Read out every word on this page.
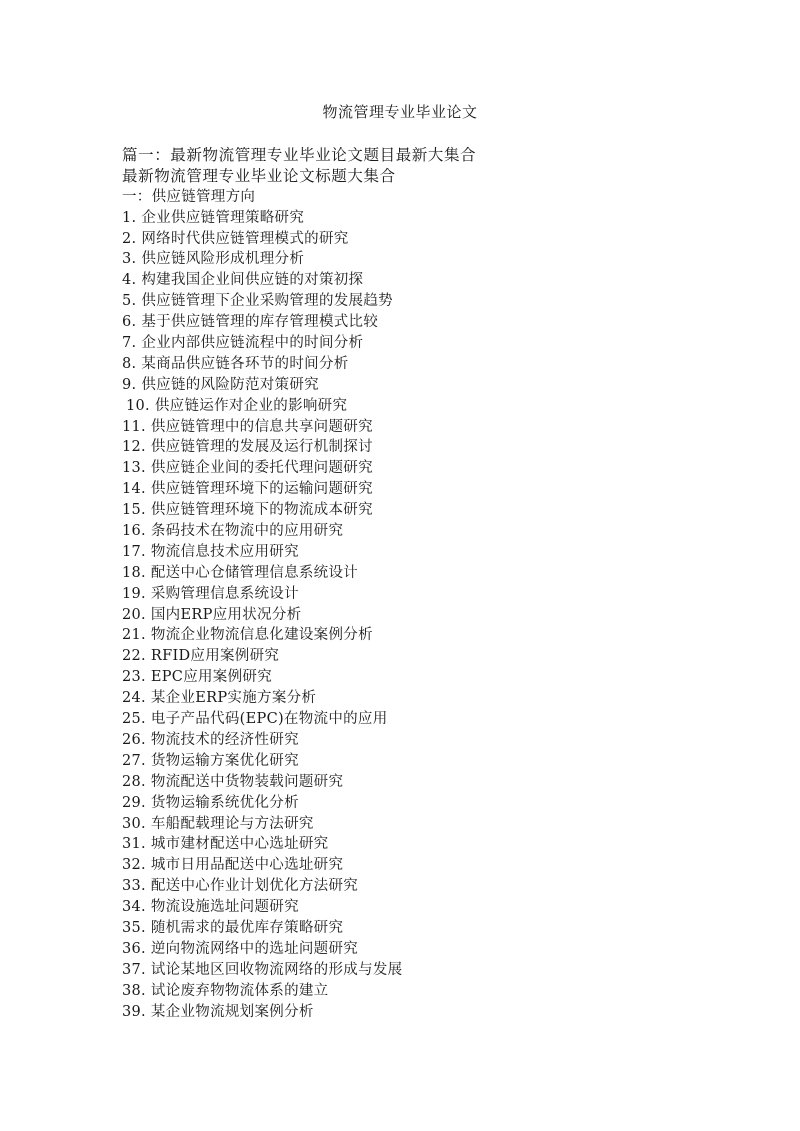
物流管理专业毕业论文
篇一：最新物流管理专业毕业论文题目最新大集合
最新物流管理专业毕业论文标题大集合
一：供应链管理方向
1. 企业供应链管理策略研究
2. 网络时代供应链管理模式的研究
3. 供应链风险形成机理分析
4. 构建我国企业间供应链的对策初探
5. 供应链管理下企业采购管理的发展趋势
6. 基于供应链管理的库存管理模式比较
7. 企业内部供应链流程中的时间分析
8. 某商品供应链各环节的时间分析
9. 供应链的风险防范对策研究
10. 供应链运作对企业的影响研究
11. 供应链管理中的信息共享问题研究
12. 供应链管理的发展及运行机制探讨
13. 供应链企业间的委托代理问题研究
14. 供应链管理环境下的运输问题研究
15. 供应链管理环境下的物流成本研究
16. 条码技术在物流中的应用研究
17. 物流信息技术应用研究
18. 配送中心仓储管理信息系统设计
19. 采购管理信息系统设计
20. 国内ERP应用状况分析
21. 物流企业物流信息化建设案例分析
22. RFID应用案例研究
23. EPC应用案例研究
24. 某企业ERP实施方案分析
25. 电子产品代码(EPC)在物流中的应用
26. 物流技术的经济性研究
27. 货物运输方案优化研究
28. 物流配送中货物装载问题研究
29. 货物运输系统优化分析
30. 车船配载理论与方法研究
31. 城市建材配送中心选址研究
32. 城市日用品配送中心选址研究
33. 配送中心作业计划优化方法研究
34. 物流设施选址问题研究
35. 随机需求的最优库存策略研究
36. 逆向物流网络中的选址问题研究
37. 试论某地区回收物流网络的形成与发展
38. 试论废弃物物流体系的建立
39. 某企业物流规划案例分析
